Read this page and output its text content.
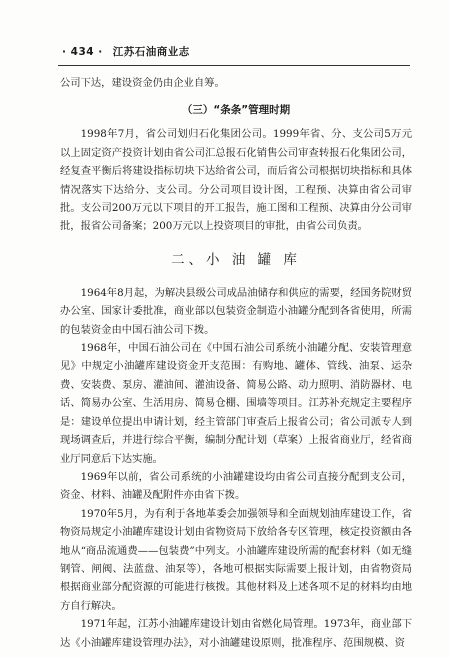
· 434 · 江苏石油商业志

公司下达，建设资金仍由企业自筹。

（三）“条条”管理时期

1998年7月，省公司划归石化集团公司。1999年省、分、支公司5万元以上固定资产投资计划由省公司汇总报石化销售公司审查转报石化集团公司，经复查平衡后将建设指标切块下达给省公司，而后省公司根据切块指标和具体情况落实下达给分、支公司。分公司项目设计图，工程预、决算由省公司审批。支公司200万元以下项目的开工报告，施工图和工程预、决算由分公司审批，报省公司备案；200万元以上投资项目的审批，由省公司负责。

二、小 油 罐 库

1964年8月起，为解决县级公司成品油储存和供应的需要，经国务院财贸办公室、国家计委批准，商业部以包装资金制造小油罐分配到各省使用，所需的包装资金由中国石油公司下拨。

1968年，中国石油公司在《中国石油公司系统小油罐分配、安装管理意见》中规定小油罐库建设资金开支范围：有购地、罐体、管线、油泵、运杂费、安装费、泵房、灌油间、灌油设备、简易公路、动力照明、消防器材、电话、简易办公室、生活用房、简易仓棚、围墙等项目。江苏补充规定主要程序是：建设单位提出申请计划，经主管部门审查后上报省公司；省公司派专人到现场调查后，并进行综合平衡，编制分配计划（草案）上报省商业厅，经省商业厅同意后下达实施。

1969年以前，省公司系统的小油罐建设均由省公司直接分配到支公司，资金、材料、油罐及配附件亦由省下拨。

1970年5月，为有利于各地革委会加强领导和全面规划油库建设工作，省物资局规定小油罐库建设计划由省物资局下放给各专区管理，核定投资额由各地从“商品流通费——包装费”中列支。小油罐库建设所需的配套材料（如无缝钢管、闸阀、法蓝盘、油泵等），各地可根据实际需要上报计划，由省物资局根据商业部分配资源的可能进行核拨。其他材料及上述各项不足的材料均由地方自行解决。

1971年起，江苏小油罐库建设计划由省燃化局管理。1973年，商业部下达《小油罐库建设管理办法》，对小油罐建设原则，批准程序、范围规模、资
